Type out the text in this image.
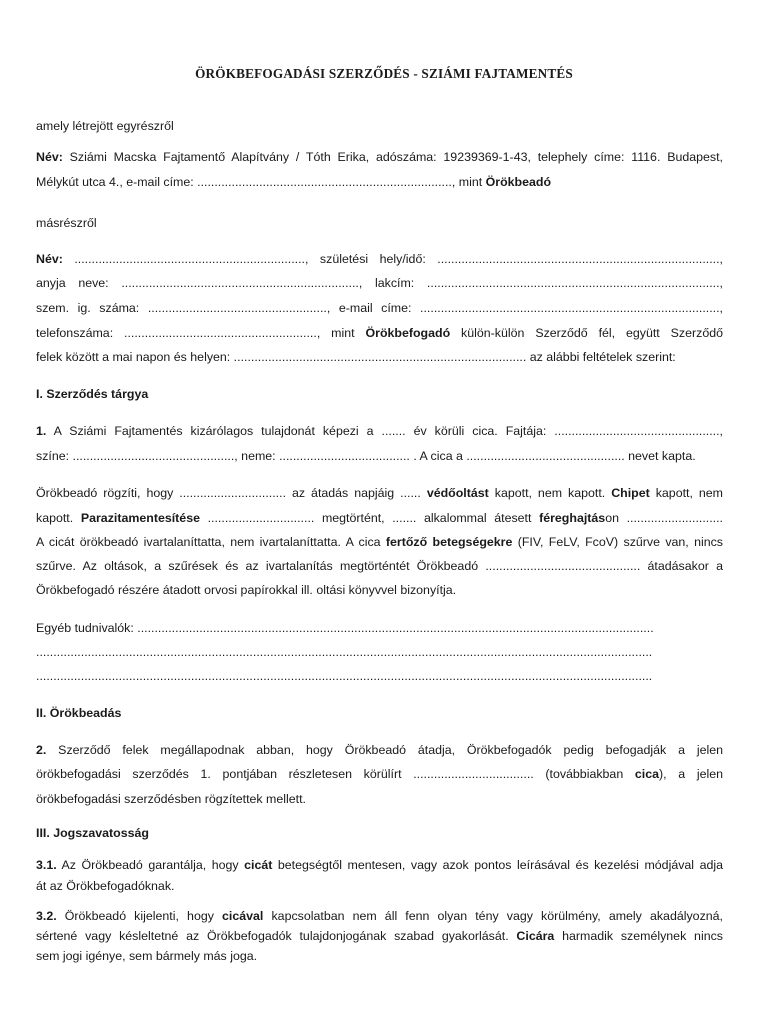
ÖRÖKBEFOGADÁSI SZERZŐDÉS - SZIÁMI FAJTAMENTÉS
amely létrejött egyrészről
Név: Sziámi Macska Fajtamentő Alapítvány / Tóth Erika, adószáma: 19239369-1-43, telephely címe: 1116. Budapest,
Mélykút utca 4., e-mail címe: .........................................................................., mint Örökbeadó
másrészről
Név: ..................................................................., születési hely/idő: ..................................................................................,
anyja neve: ....................................................................., lakcím: .....................................................................................,
szem. ig. száma: ...................................................., e-mail címe: .......................................................................................,
telefonszáma: ........................................................, mint Örökbefogadó külön-külön Szerződő fél, együtt Szerződő
felek között a mai napon és helyen: ..................................................................................... az alábbi feltételek szerint:
I. Szerződés tárgya
1. A Sziámi Fajtamentés kizárólagos tulajdonát képezi a ....... év körüli cica. Fajtája: ................................................,
színe: ..............................................., neme: ...................................... . A cica a .............................................. nevet kapta.
Örökbeadó rögzíti, hogy ............................... az átadás napjáig ...... védőoltást kapott, nem kapott. Chipet kapott, nem
kapott. Parazitamentesítése ............................... megtörtént, ....... alkalommal átesett féreghajtáson ............................
A cicát örökbeadó ivartalaníttatta, nem ivartalaníttatta. A cica fertőző betegségekre (FIV, FeLV, FcoV) szűrve van, nincs
szűrve. Az oltások, a szűrések és az ivartalanítás megtörténtét Örökbeadó ............................................. átadásakor a
Örökbefogadó részére átadott orvosi papírokkal ill. oltási könyvvel bizonyítja.
Egyéb tudnivalók: ......................................................................................................................................................
...................................................................................................................................................................................
...................................................................................................................................................................................
II. Örökbeadás
2. Szerződő felek megállapodnak abban, hogy Örökbeadó átadja, Örökbefogadók pedig befogadják a jelen
örökbefogadási szerződés 1. pontjában részletesen körülírt ................................... (továbbiakban cica), a jelen
örökbefogadási szerződésben rögzítettek mellett.
III. Jogszavatosság
3.1. Az Örökbeadó garantálja, hogy cicát betegségtől mentesen, vagy azok pontos leírásával és kezelési módjával adja
át az Örökbefogadóknak.
3.2. Örökbeadó kijelenti, hogy cicával kapcsolatban nem áll fenn olyan tény vagy körülmény, amely akadályozná,
sértené vagy késleltetné az Örökbefogadók tulajdonjogának szabad gyakorlását. Cicára harmadik személynek nincs
sem jogi igénye, sem bármely más joga.
